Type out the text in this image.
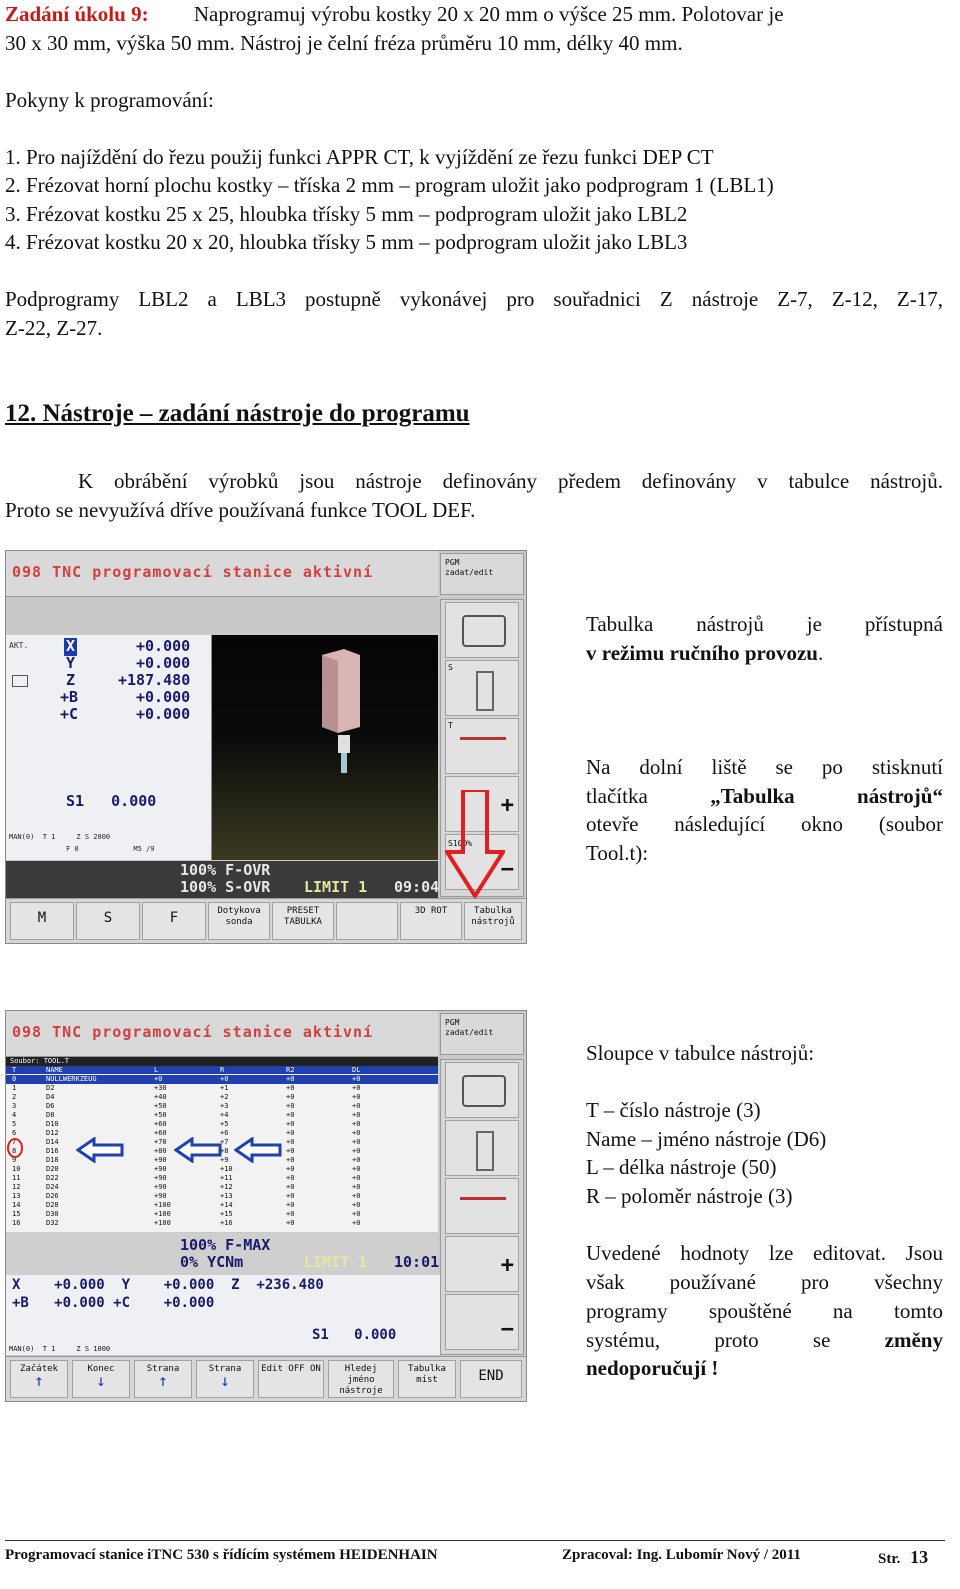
Zadání úkolu 9: Naprogramuj výrobu kostky 20 x 20 mm o výšce 25 mm. Polotovar je
30 x 30 mm, výška 50 mm. Nástroj je čelní fréza průměru 10 mm, délky 40 mm.
Pokyny k programování:
1. Pro najíždění do řezu použij funkci APPR CT, k vyjíždění ze řezu funkci DEP CT
2. Frézovat horní plochu kostky – tříska 2 mm – program uložit jako podprogram 1 (LBL1)
3. Frézovat kostku 25 x 25, hloubka třísky 5 mm – podprogram uložit jako LBL2
4. Frézovat kostku 20 x 20, hloubka třísky 5 mm – podprogram uložit jako LBL3
Podprogramy LBL2 a LBL3 postupně vykonávej pro souřadnici Z nástroje Z-7, Z-12, Z-17,
Z-22, Z-27.
12. Nástroje – zadání nástroje do programu
K obrábění výrobků jsou nástroje definovány předem definovány v tabulce nástrojů.
Proto se nevyužívá dříve používaná funkce TOOL DEF.
098 TNC programovací stanice aktivní
PGM
zadat/edit
AKT.	X	+0.000
Y	+0.000
Z	+187.480
+B	+0.000
+C	+0.000
S1   0.000
MAN(0)  T 1     Z S 2000
F 0             M5 /9
100% F-OVR
100% S-OVR LIMIT 1 09:04
S
T
+
S100%
−
M	S	F	Dotykova sonda
PRESET TABULKA
3D ROT	Tabulka nástrojů
Tabulka nástrojů je přístupná
v režimu ručního provozu.
Na dolní liště se po stisknutí
tlačítka „Tabulka nástrojů“
otevře následující okno (soubor
Tool.t):
098 TNC programovací stanice aktivní
PGM
zadat/edit
Soubor: TOOL.T
T	NAME	L	R	R2	DL
0	NULLWERKZEUG	+0	+0	+0	+0
1	D2	+30	+1	+0	+0
2	D4	+40	+2	+0	+0
3	D6	+50	+3	+0	+0
4	D8	+50	+4	+0	+0
5	D10	+60	+5	+0	+0
6	D12	+60	+6	+0	+0
7	D14	+70	+7	+0	+0
8	D16	+80	+8	+0	+0
9	D18	+90	+9	+0	+0
10	D20	+90	+10	+0	+0
11	D22	+90	+11	+0	+0
12	D24	+90	+12	+0	+0
13	D26	+90	+13	+0	+0
14	D28	+100	+14	+0	+0
15	D30	+100	+15	+0	+0
16	D32	+100	+16	+0	+0
100% F-MAX
0% YCNm	LIMIT 1 10:01
X    +0.000  Y    +0.000  Z  +236.480
+B   +0.000 +C    +0.000
S1   0.000
MAN(0)  T 1     Z S 1000
+
−
Začátek
↑
Konec
↓
Strana
↑
Strana
↓
Edit OFF ON	Hledej jméno nástroje
Tabulka míst	END
Sloupce v tabulce nástrojů:
T – číslo nástroje (3)
Name – jméno nástroje (D6)
L – délka nástroje (50)
R – poloměr nástroje (3)
Uvedené hodnoty lze editovat. Jsou
však používané pro všechny
programy spouštěné na tomto
systému, proto se změny
nedoporučují !
Programovací stanice iTNC 530 s řídícím systémem HEIDENHAIN	Zpracoval: Ing. Lubomír Nový / 2011	Str. 13
